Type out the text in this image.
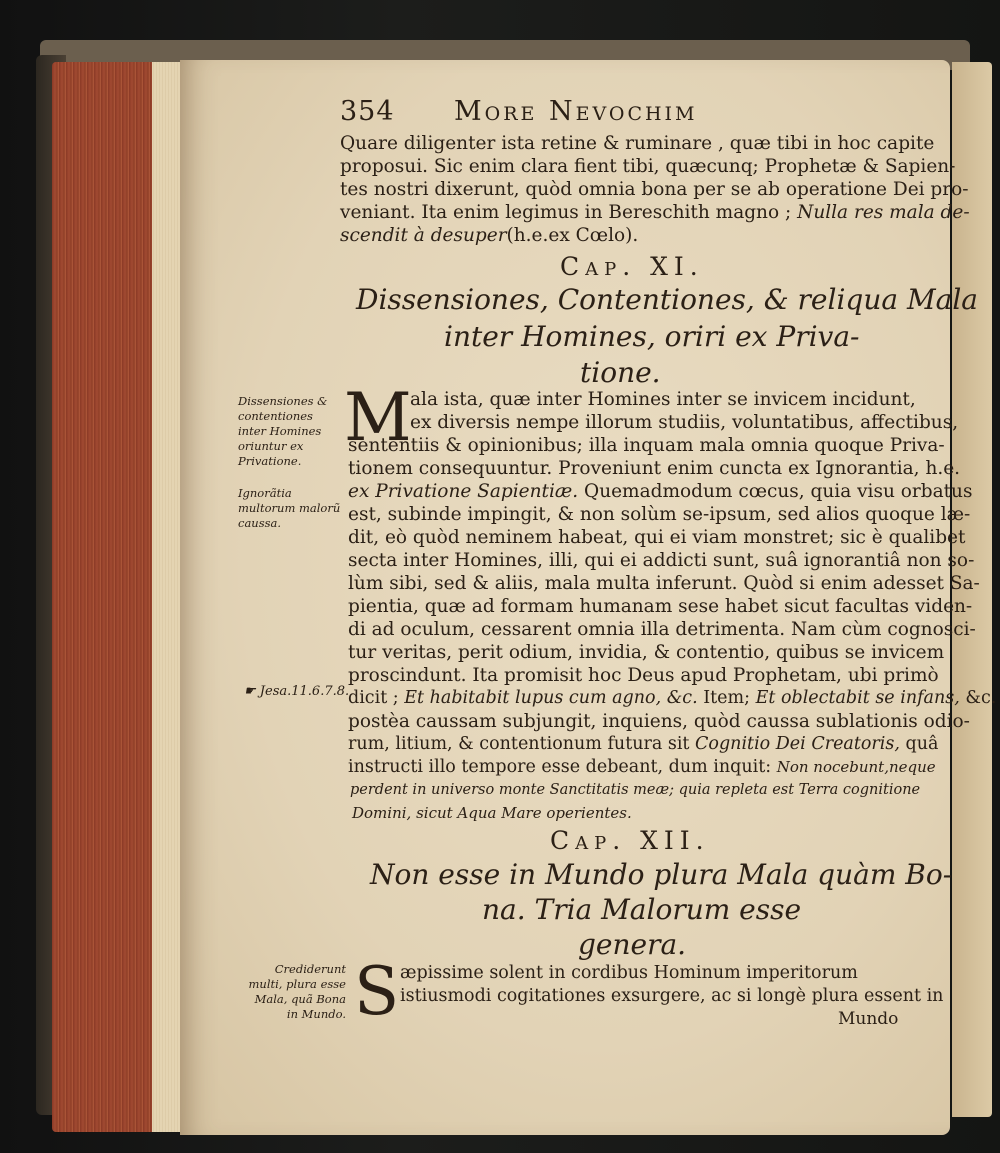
354 More Nevochim
Quare diligenter ista retine & ruminare , quæ tibi in hoc capite
proposui. Sic enim clara fient tibi, quæcunq; Prophetæ & Sapien-
tes nostri dixerunt, quòd omnia bona per se ab operatione Dei pro-
veniant. Ita enim legimus in Bereschith magno ; Nulla res mala de-
scendit à desuper(h.e.ex Cœlo).
Cap. XI.
Dissensiones, Contentiones, & reliqua Mala
inter Homines, oriri ex Priva-
tione.
M
ala ista, quæ inter Homines inter se invicem incidunt,
ex diversis nempe illorum studiis, voluntatibus, affectibus,
sententiis & opinionibus; illa inquam mala omnia quoque Priva-
tionem consequuntur. Proveniunt enim cuncta ex Ignorantia, h.e.
ex Privatione Sapientiæ. Quemadmodum cœcus, quia visu orbatus
est, subinde impingit, & non solùm se-ipsum, sed alios quoque læ-
dit, eò quòd neminem habeat, qui ei viam monstret; sic è qualibet
secta inter Homines, illi, qui ei addicti sunt, suâ ignorantiâ non so-
lùm sibi, sed & aliis, mala multa inferunt. Quòd si enim adesset Sa-
pientia, quæ ad formam humanam sese habet sicut facultas viden-
di ad oculum, cessarent omnia illa detrimenta. Nam cùm cognosci-
tur veritas, perit odium, invidia, & contentio, quibus se invicem
proscindunt. Ita promisit hoc Deus apud Prophetam, ubi primò
dicit ; Et habitabit lupus cum agno, &c. Item; Et oblectabit se infans, &c.
postèa caussam subjungit, inquiens, quòd caussa sublationis odio-
rum, litium, & contentionum futura sit Cognitio Dei Creatoris, quâ
instructi illo tempore esse debeant, dum inquit: Non nocebunt,neque
perdent in universo monte Sanctitatis meæ; quia repleta est Terra cognitione
Domini, sicut Aqua Mare operientes.
Cap. XII.
Non esse in Mundo plura Mala quàm Bo-
na. Tria Malorum esse
genera.
S æpissime solent in cordibus Hominum imperitorum
istiusmodi cogitationes exsurgere, ac si longè plura essent in
Mundo
Dissensiones & contentiones inter Homines oriuntur ex Privatione.
Ignorãtia multorum malorũ caussa.
☛ Jesa.11.6.7.8.
Crediderunt multi, plura esse Mala, quã Bona in Mundo.
